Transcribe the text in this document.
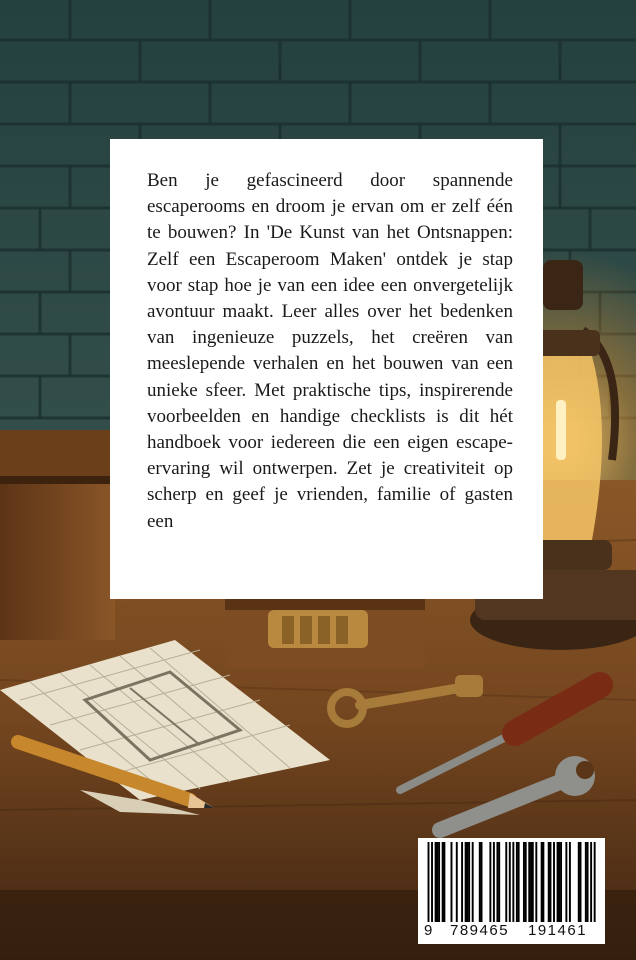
Ben je gefascineerd door spannende escaperooms en droom je ervan om er zelf één te bouwen? In 'De Kunst van het Ontsnappen: Zelf een Escaperoom Maken' ontdek je stap voor stap hoe je van een idee een onvergetelijk avontuur maakt. Leer alles over het bedenken van ingenieuze puzzels, het creëren van meeslepende verhalen en het bouwen van een unieke sfeer. Met praktische tips, inspirerende voorbeelden en handige checklists is dit hét handboek voor iedereen die een eigen escape-ervaring wil ontwerpen. Zet je creativiteit op scherp en geef je vrienden, familie of gasten een

9 789465 191461
